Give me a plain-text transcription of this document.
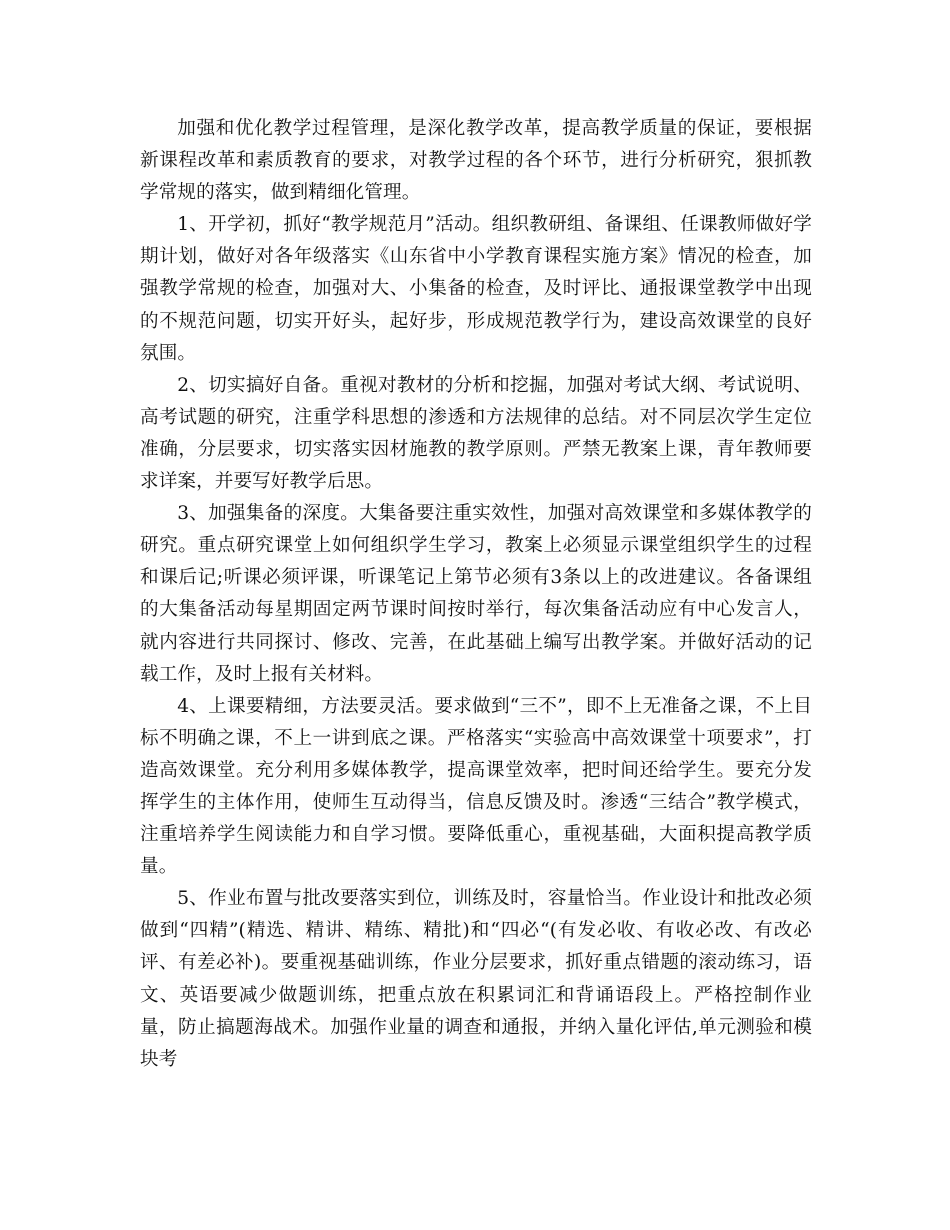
加强和优化教学过程管理，是深化教学改革，提高教学质量的保证，要根据新课程改革和素质教育的要求，对教学过程的各个环节，进行分析研究，狠抓教学常规的落实，做到精细化管理。

1、开学初，抓好“教学规范月”活动。组织教研组、备课组、任课教师做好学期计划，做好对各年级落实《山东省中小学教育课程实施方案》情况的检查，加强教学常规的检查，加强对大、小集备的检查，及时评比、通报课堂教学中出现的不规范问题，切实开好头，起好步，形成规范教学行为，建设高效课堂的良好氛围。

2、切实搞好自备。重视对教材的分析和挖掘，加强对考试大纲、考试说明、高考试题的研究，注重学科思想的渗透和方法规律的总结。对不同层次学生定位准确，分层要求，切实落实因材施教的教学原则。严禁无教案上课，青年教师要求详案，并要写好教学后思。

3、加强集备的深度。大集备要注重实效性，加强对高效课堂和多媒体教学的研究。重点研究课堂上如何组织学生学习，教案上必须显示课堂组织学生的过程和课后记;听课必须评课，听课笔记上第节必须有3条以上的改进建议。各备课组的大集备活动每星期固定两节课时间按时举行，每次集备活动应有中心发言人，就内容进行共同探讨、修改、完善，在此基础上编写出教学案。并做好活动的记载工作，及时上报有关材料。

4、上课要精细，方法要灵活。要求做到“三不”，即不上无准备之课，不上目标不明确之课，不上一讲到底之课。严格落实“实验高中高效课堂十项要求”，打造高效课堂。充分利用多媒体教学，提高课堂效率，把时间还给学生。要充分发挥学生的主体作用，使师生互动得当，信息反馈及时。渗透“三结合”教学模式，注重培养学生阅读能力和自学习惯。要降低重心，重视基础，大面积提高教学质量。

5、作业布置与批改要落实到位，训练及时，容量恰当。作业设计和批改必须做到“四精”(精选、精讲、精练、精批)和“四必“(有发必收、有收必改、有改必评、有差必补)。要重视基础训练，作业分层要求，抓好重点错题的滚动练习，语文、英语要减少做题训练，把重点放在积累词汇和背诵语段上。严格控制作业量，防止搞题海战术。加强作业量的调查和通报，并纳入量化评估,单元测验和模块考
